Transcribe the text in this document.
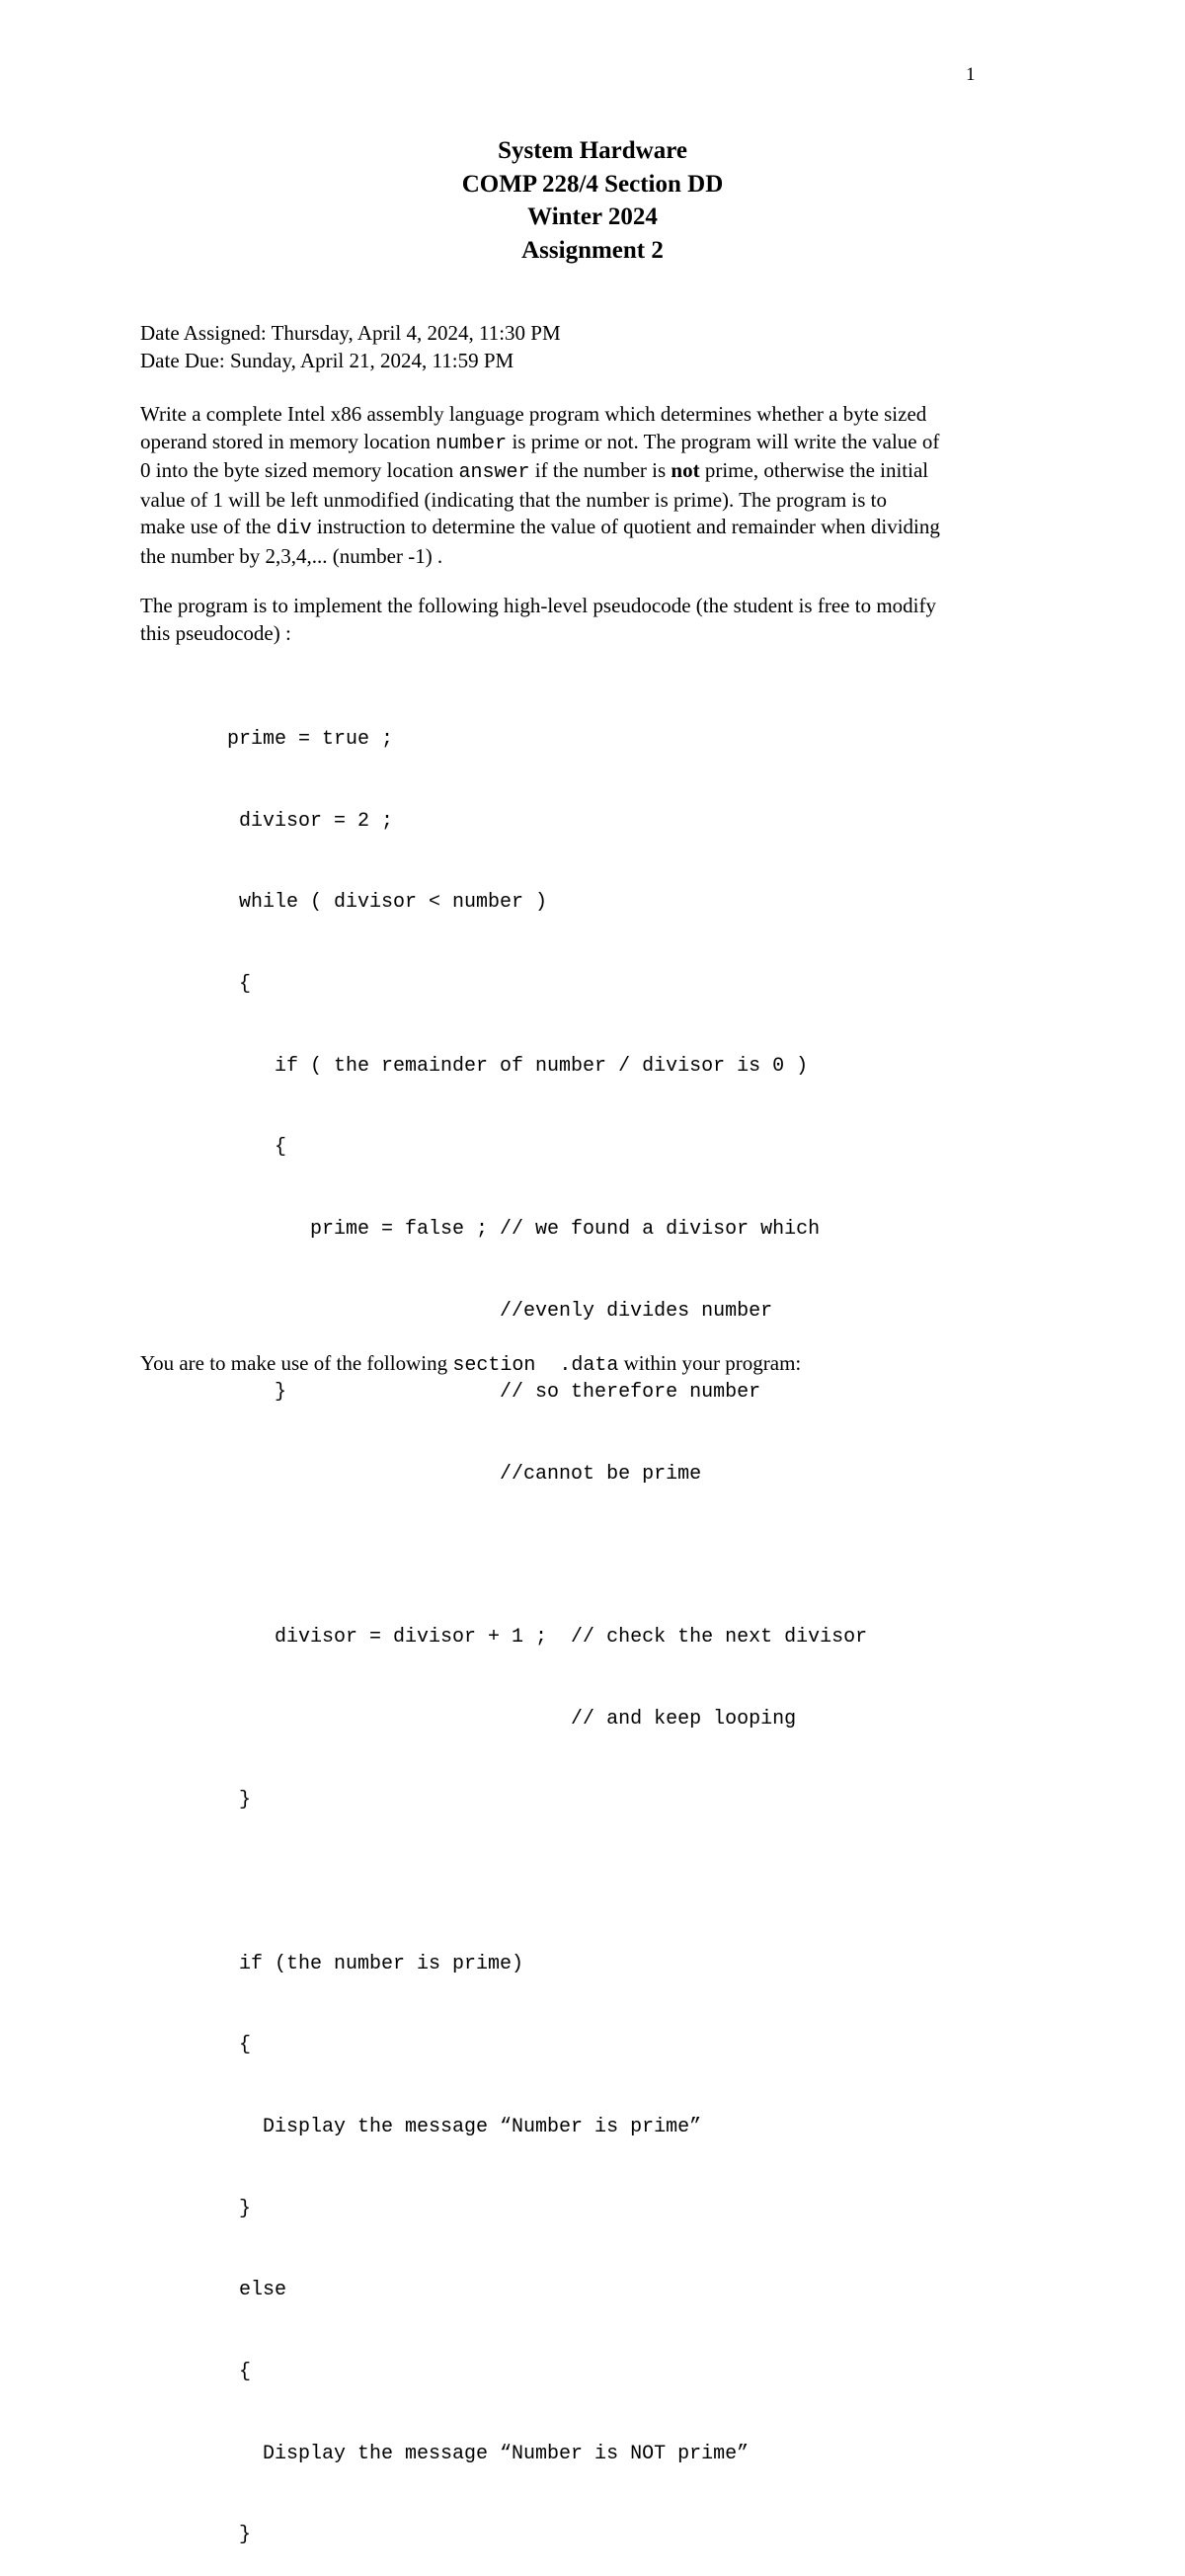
1
System Hardware
COMP 228/4 Section DD
Winter 2024
Assignment 2
Date Assigned: Thursday, April 4, 2024, 11:30 PM
Date Due: Sunday, April 21, 2024, 11:59 PM
Write a complete Intel x86 assembly language program which determines whether a byte sized
operand stored in memory location number is prime or not. The program will write the value of
0 into the byte sized memory location answer if the number is not prime, otherwise the initial
value of 1 will be left unmodified (indicating that the number is prime). The program is to
make use of the div instruction to determine the value of quotient and remainder when dividing
the number by 2,3,4,... (number -1) .
The program is to implement the following high-level pseudocode (the student is free to modify
this pseudocode) :

prime = true ;

divisor = 2 ;

while ( divisor < number )

{

if ( the remainder of number / divisor is 0 )

{

prime = false ; // we found a divisor which

//evenly divides number

}                  // so therefore number

//cannot be prime

divisor = divisor + 1 ;  // check the next divisor

// and keep looping

}

if (the number is prime)

{

Display the message “Number is prime”

}

else

{

Display the message “Number is NOT prime”

}

You are to make use of the following section  .data within your program:
